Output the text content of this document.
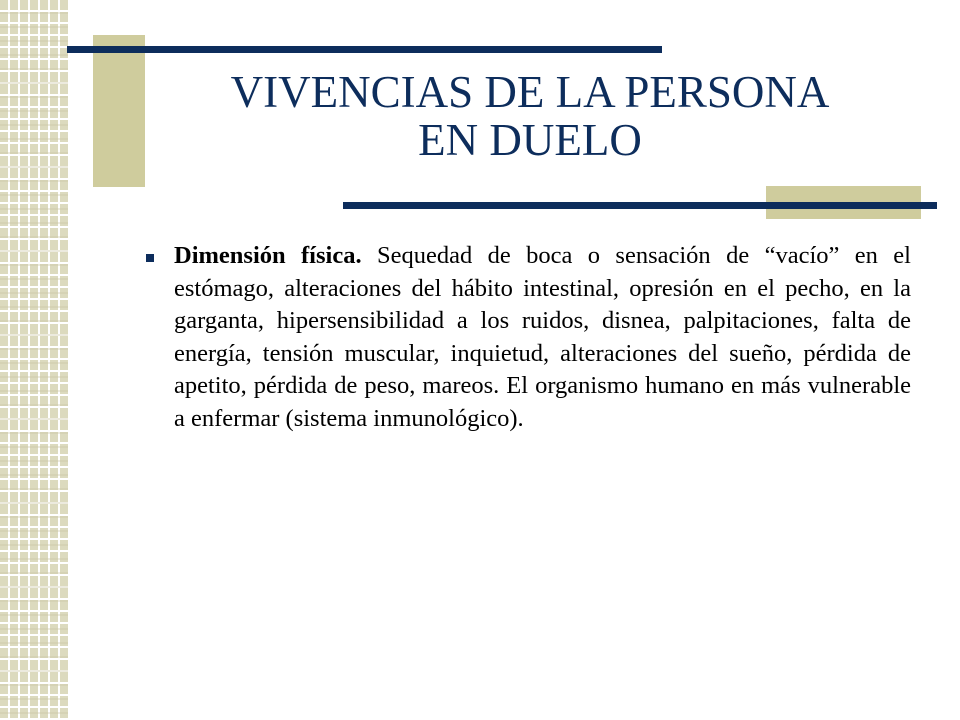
VIVENCIAS DE LA PERSONA
EN DUELO
Dimensión física. Sequedad de boca o sensación de “vacío” en el estómago, alteraciones del hábito intestinal, opresión en el pecho, en la garganta, hipersensibilidad a los ruidos, disnea, palpitaciones, falta de energía, tensión muscular, inquietud, alteraciones del sueño, pérdida de apetito, pérdida de peso, mareos. El organismo humano en más vulnerable a enfermar (sistema inmunológico).
